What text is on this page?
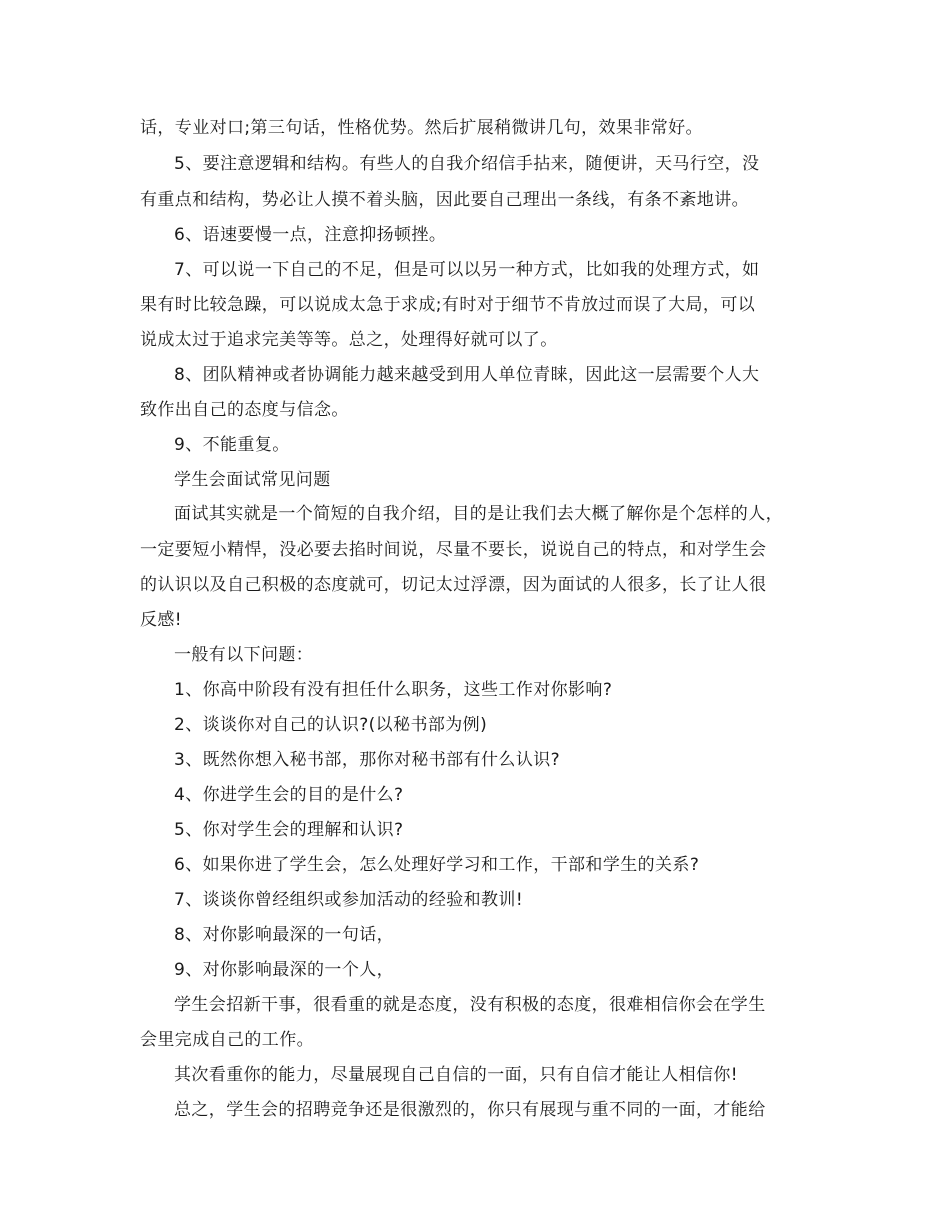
话，专业对口;第三句话，性格优势。然后扩展稍微讲几句，效果非常好。
5、要注意逻辑和结构。有些人的自我介绍信手拈来，随便讲，天马行空，没
有重点和结构，势必让人摸不着头脑，因此要自己理出一条线，有条不紊地讲。
6、语速要慢一点，注意抑扬顿挫。
7、可以说一下自己的不足，但是可以以另一种方式，比如我的处理方式，如
果有时比较急躁，可以说成太急于求成;有时对于细节不肯放过而误了大局，可以
说成太过于追求完美等等。总之，处理得好就可以了。
8、团队精神或者协调能力越来越受到用人单位青睐，因此这一层需要个人大
致作出自己的态度与信念。
9、不能重复。
学生会面试常见问题
面试其实就是一个简短的自我介绍，目的是让我们去大概了解你是个怎样的人，
一定要短小精悍，没必要去掐时间说，尽量不要长，说说自己的特点，和对学生会
的认识以及自己积极的态度就可，切记太过浮漂，因为面试的人很多，长了让人很
反感!
一般有以下问题：
1、你高中阶段有没有担任什么职务，这些工作对你影响?
2、谈谈你对自己的认识?(以秘书部为例)
3、既然你想入秘书部，那你对秘书部有什么认识?
4、你进学生会的目的是什么?
5、你对学生会的理解和认识?
6、如果你进了学生会，怎么处理好学习和工作，干部和学生的关系?
7、谈谈你曾经组织或参加活动的经验和教训!
8、对你影响最深的一句话，
9、对你影响最深的一个人，
学生会招新干事，很看重的就是态度，没有积极的态度，很难相信你会在学生
会里完成自己的工作。
其次看重你的能力，尽量展现自己自信的一面，只有自信才能让人相信你!
总之，学生会的招聘竞争还是很激烈的，你只有展现与重不同的一面，才能给
